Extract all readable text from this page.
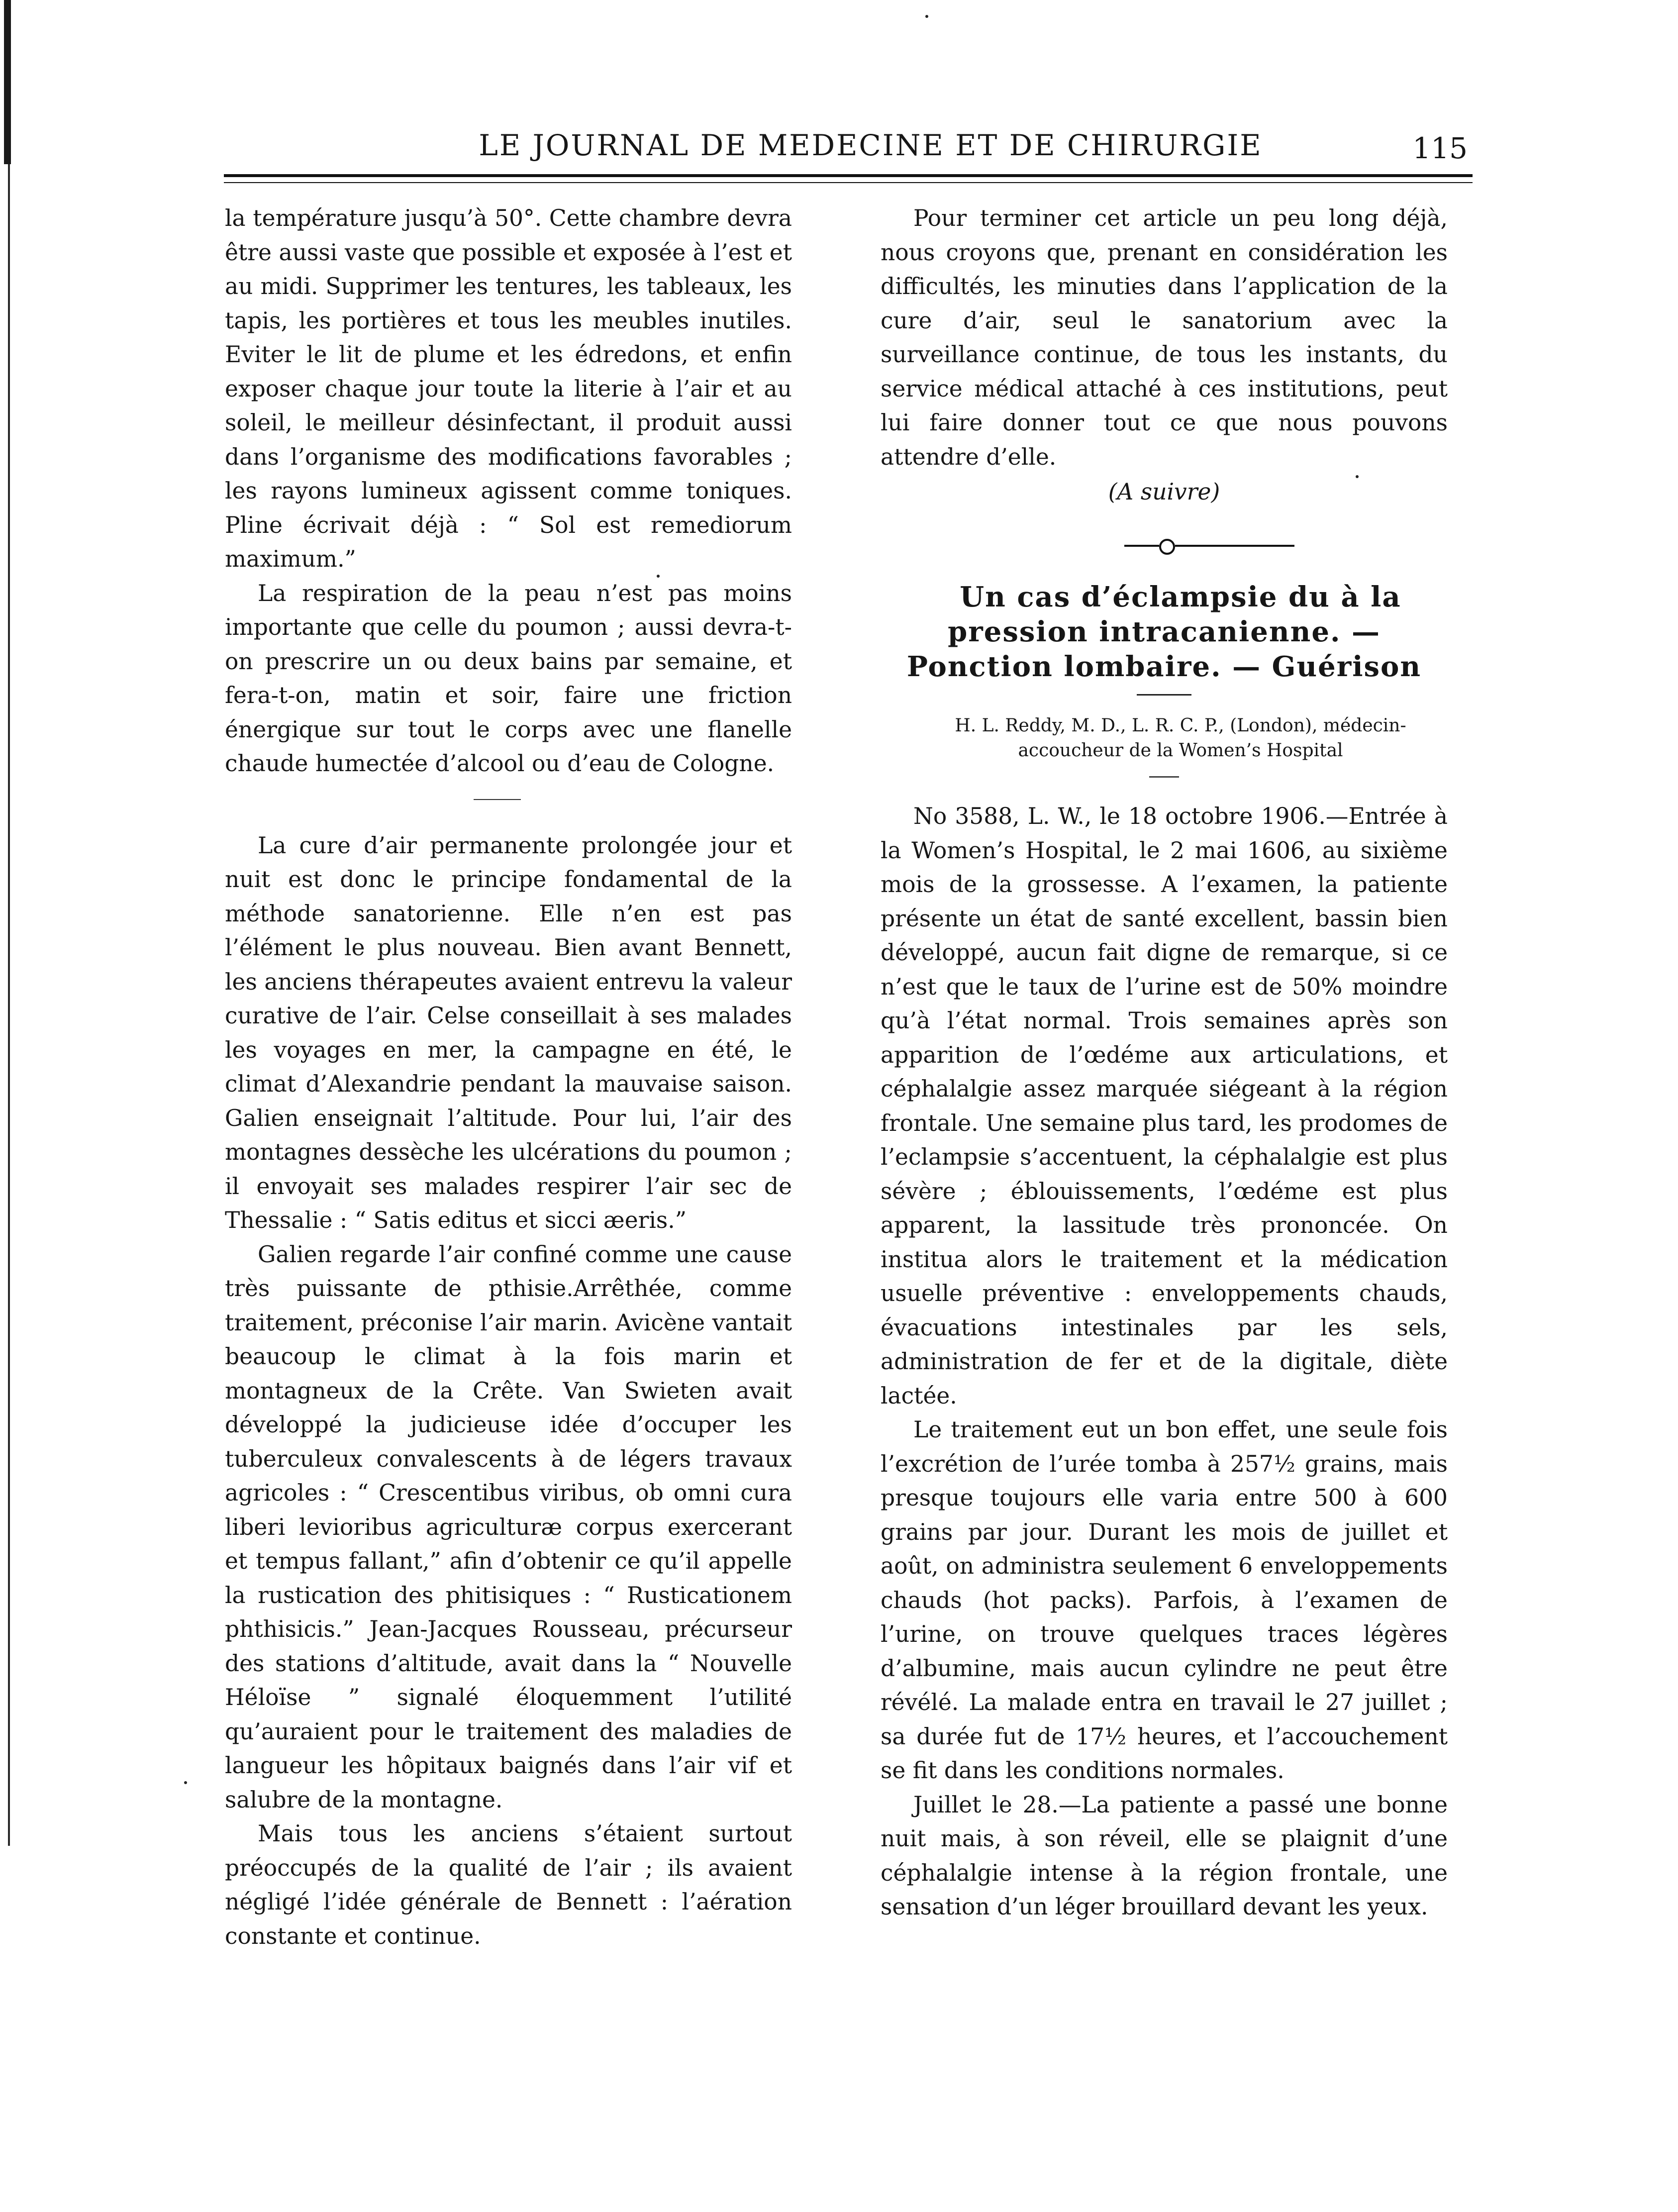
LE JOURNAL DE MEDECINE ET DE CHIRURGIE	115

la température jusqu’à 50°. Cette chambre devra être aussi vaste que possible et exposée à l’est et au midi. Supprimer les tentures, les tableaux, les tapis, les portières et tous les meubles inutiles. Eviter le lit de plume et les édredons, et enfin exposer chaque jour toute la literie à l’air et au soleil, le meilleur désinfectant, il produit aussi dans l’organisme des modifications favorables ; les rayons lumineux agissent comme toniques. Pline écrivait déjà : “ Sol est remediorum maximum.”

La respiration de la peau n’est pas moins importante que celle du poumon ; aussi devra-t-on prescrire un ou deux bains par semaine, et fera-t-on, matin et soir, faire une friction énergique sur tout le corps avec une flanelle chaude humectée d’alcool ou d’eau de Cologne.

La cure d’air permanente prolongée jour et nuit est donc le principe fondamental de la méthode sanatorienne. Elle n’en est pas l’élément le plus nouveau. Bien avant Bennett, les anciens thérapeutes avaient entrevu la valeur curative de l’air. Celse conseillait à ses malades les voyages en mer, la campagne en été, le climat d’Alexandrie pendant la mauvaise saison. Galien enseignait l’altitude. Pour lui, l’air des montagnes dessèche les ulcérations du poumon ; il envoyait ses malades respirer l’air sec de Thessalie : “ Satis editus et sicci æeris.”

Galien regarde l’air confiné comme une cause très puissante de pthisie.Arrêthée, comme traitement, préconise l’air marin. Avicène vantait beaucoup le climat à la fois marin et montagneux de la Crête. Van Swieten avait développé la judicieuse idée d’occuper les tuberculeux convalescents à de légers travaux agricoles : “ Crescentibus viribus, ob omni cura liberi levioribus agriculturæ corpus exercerant et tempus fallant,” afin d’obtenir ce qu’il appelle la rustication des phitisiques : “ Rusticationem phthisicis.” Jean-Jacques Rousseau, précurseur des stations d’altitude, avait dans la “ Nouvelle Héloïse ” signalé éloquemment l’utilité qu’auraient pour le traitement des maladies de langueur les hôpitaux baignés dans l’air vif et salubre de la montagne.

Mais tous les anciens s’étaient surtout préoccupés de la qualité de l’air ; ils avaient négligé l’idée générale de Bennett : l’aération constante et continue.

Pour terminer cet article un peu long déjà, nous croyons que, prenant en considération les difficultés, les minuties dans l’application de la cure d’air, seul le sanatorium avec la surveillance continue, de tous les instants, du service médical attaché à ces institutions, peut lui faire donner tout ce que nous pouvons attendre d’elle.

(A suivre)

Un cas d’éclampsie du à la pression intracanienne. — Ponction lombaire. — Guérison

H. L. Reddy, M. D., L. R. C. P., (London), médecin-

accoucheur de la Women’s Hospital

No 3588, L. W., le 18 octobre 1906.—Entrée à la Women’s Hospital, le 2 mai 1606, au sixième mois de la grossesse. A l’examen, la patiente présente un état de santé excellent, bassin bien développé, aucun fait digne de remarque, si ce n’est que le taux de l’urine est de 50% moindre qu’à l’état normal. Trois semaines après son apparition de l’œdéme aux articulations, et céphalalgie assez marquée siégeant à la région frontale. Une semaine plus tard, les prodomes de l’eclampsie s’accentuent, la céphalalgie est plus sévère ; éblouissements, l’œdéme est plus apparent, la lassitude très prononcée. On institua alors le traitement et la médication usuelle préventive : enveloppements chauds, évacuations intestinales par les sels, administration de fer et de la digitale, diète lactée.

Le traitement eut un bon effet, une seule fois l’excrétion de l’urée tomba à 257½ grains, mais presque toujours elle varia entre 500 à 600 grains par jour. Durant les mois de juillet et août, on administra seulement 6 enveloppements chauds (hot packs). Parfois, à l’examen de l’urine, on trouve quelques traces légères d’albumine, mais aucun cylindre ne peut être révélé. La malade entra en travail le 27 juillet ; sa durée fut de 17½ heures, et l’accouchement se fit dans les conditions normales.

Juillet le 28.—La patiente a passé une bonne nuit mais, à son réveil, elle se plaignit d’une céphalalgie intense à la région frontale, une sensation d’un léger brouillard devant les yeux.
